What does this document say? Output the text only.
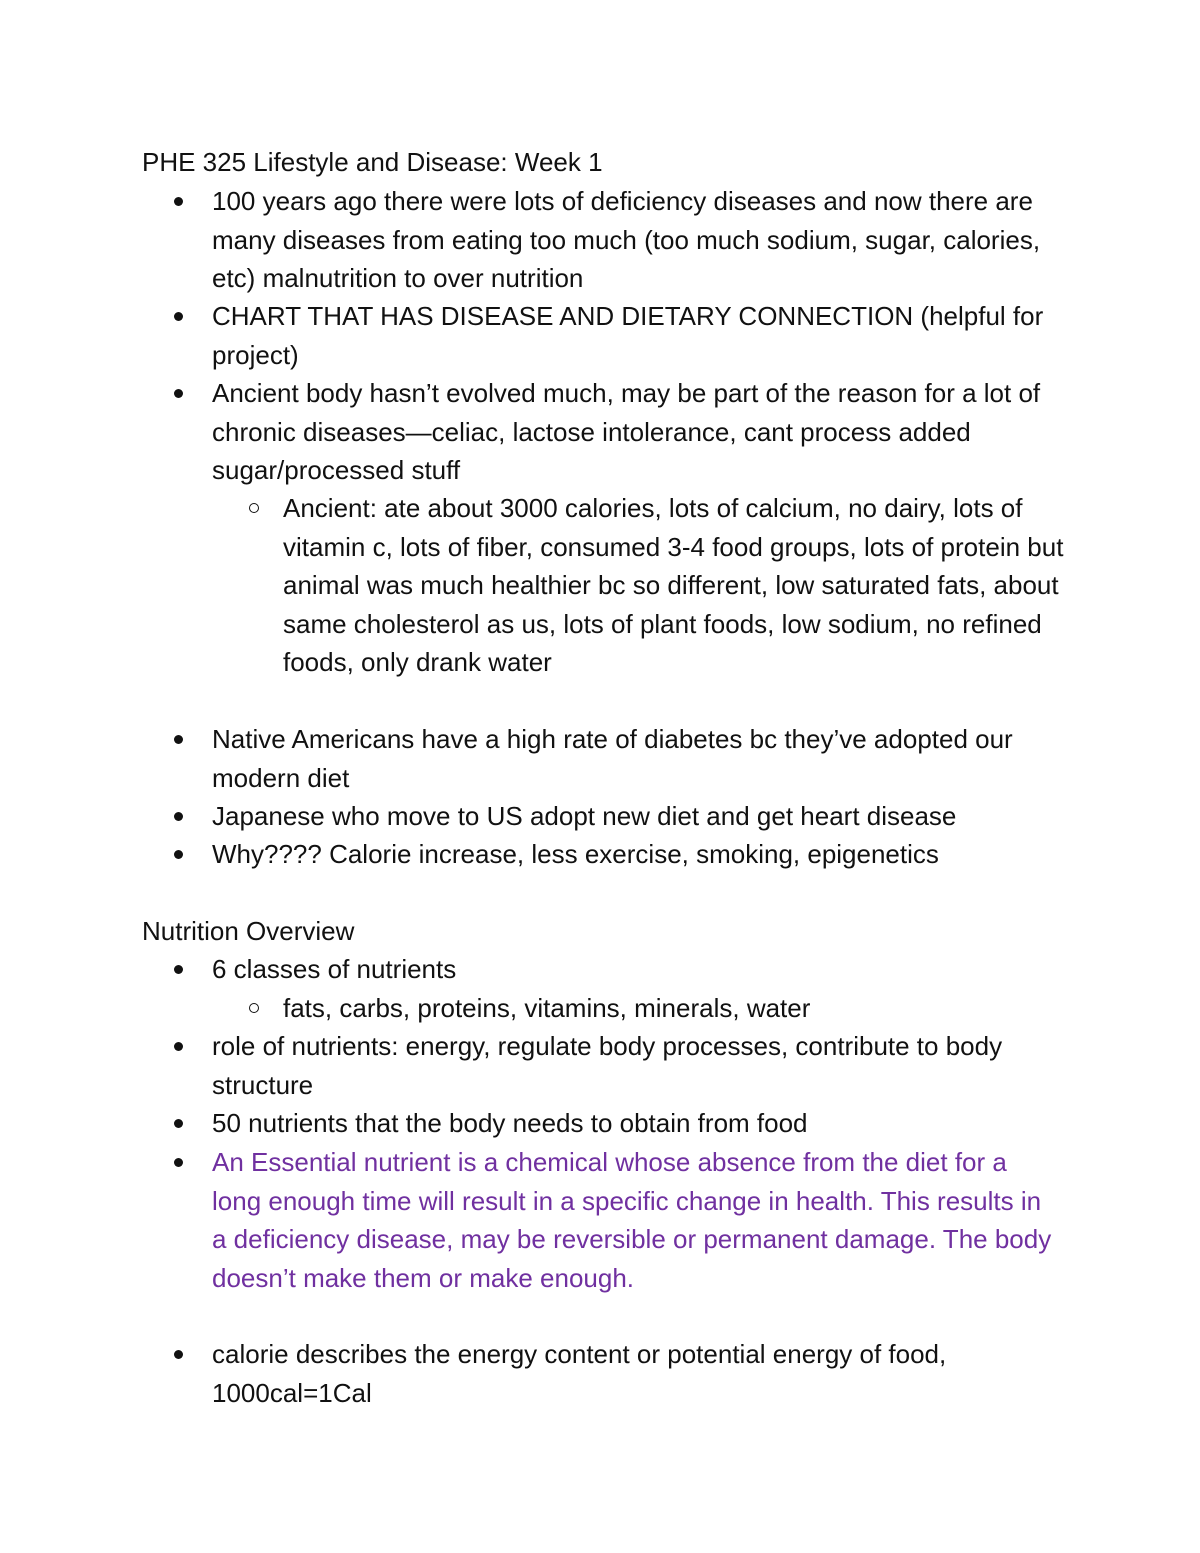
PHE 325 Lifestyle and Disease: Week 1
100 years ago there were lots of deficiency diseases and now there are many diseases from eating too much (too much sodium, sugar, calories, etc) malnutrition to over nutrition
CHART THAT HAS DISEASE AND DIETARY CONNECTION (helpful for project)
Ancient body hasn’t evolved much, may be part of the reason for a lot of chronic diseases—celiac, lactose intolerance, cant process added sugar/processed stuff
Ancient: ate about 3000 calories, lots of calcium, no dairy, lots of vitamin c, lots of fiber, consumed 3-4 food groups, lots of protein but animal was much healthier bc so different, low saturated fats, about same cholesterol as us, lots of plant foods, low sodium, no refined foods, only drank water
Native Americans have a high rate of diabetes bc they’ve adopted our modern diet
Japanese who move to US adopt new diet and get heart disease
Why???? Calorie increase, less exercise, smoking, epigenetics
Nutrition Overview
6 classes of nutrients
fats, carbs, proteins, vitamins, minerals, water
role of nutrients: energy, regulate body processes, contribute to body structure
50 nutrients that the body needs to obtain from food
An Essential nutrient is a chemical whose absence from the diet for a long enough time will result in a specific change in health. This results in a deficiency disease, may be reversible or permanent damage. The body doesn’t make them or make enough.
calorie describes the energy content or potential energy of food, 1000cal=1Cal
